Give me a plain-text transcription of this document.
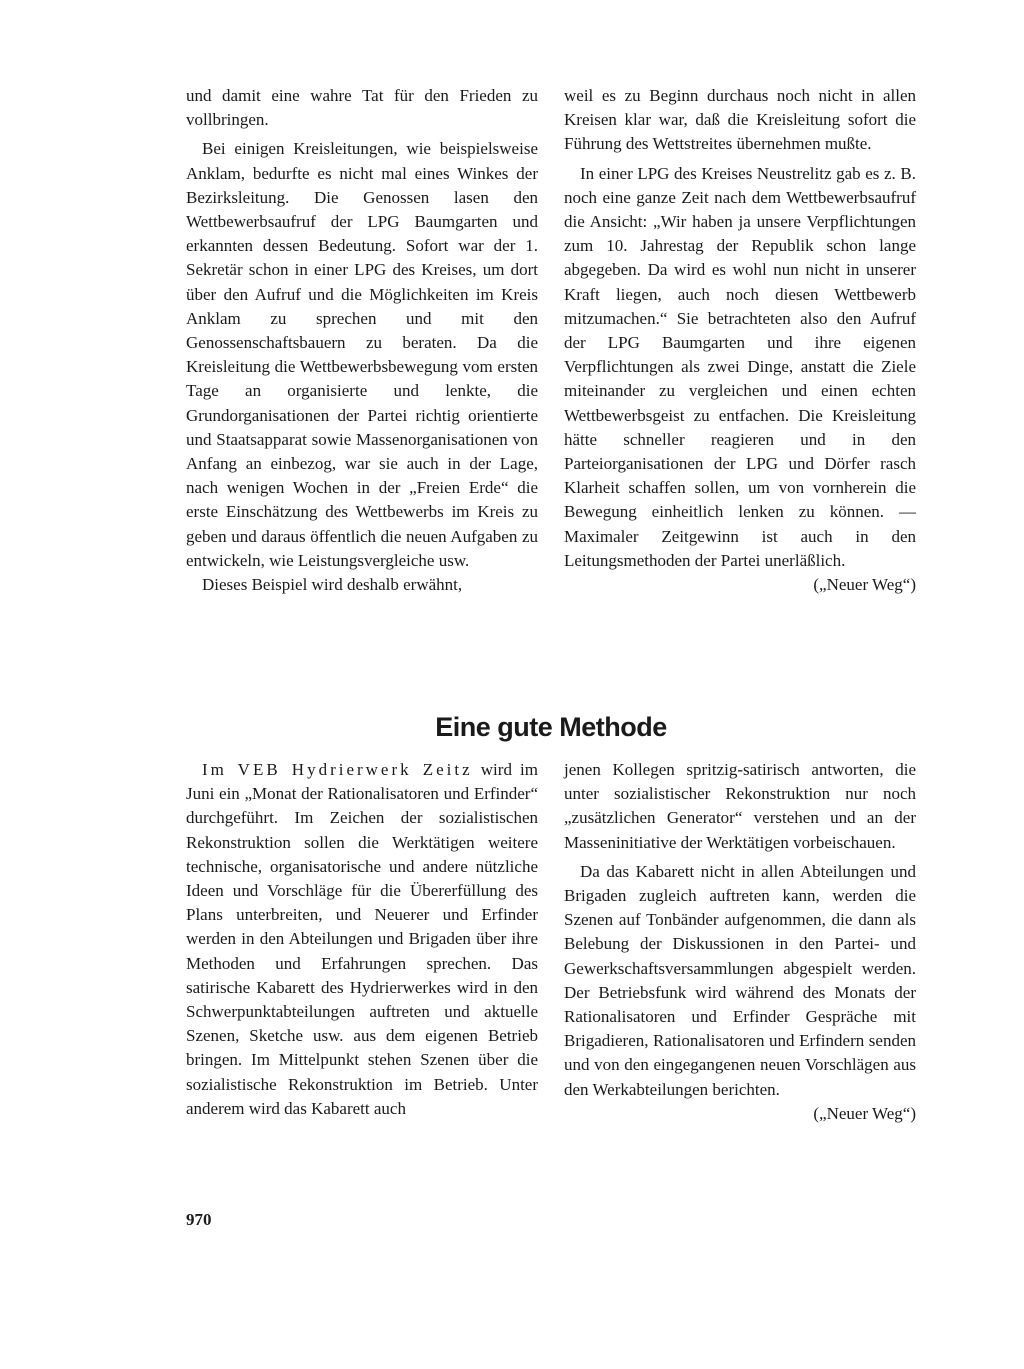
und damit eine wahre Tat für den Frieden zu vollbringen.

Bei einigen Kreisleitungen, wie beispielsweise Anklam, bedurfte es nicht mal eines Winkes der Bezirksleitung. Die Genossen lasen den Wettbewerbsaufruf der LPG Baumgarten und erkannten dessen Bedeutung. Sofort war der 1. Sekretär schon in einer LPG des Kreises, um dort über den Aufruf und die Möglichkeiten im Kreis Anklam zu sprechen und mit den Genossenschaftsbauern zu beraten. Da die Kreisleitung die Wettbewerbsbewegung vom ersten Tage an organisierte und lenkte, die Grundorganisationen der Partei richtig orientierte und Staatsapparat sowie Massenorganisationen von Anfang an einbezog, war sie auch in der Lage, nach wenigen Wochen in der „Freien Erde“ die erste Einschätzung des Wettbewerbs im Kreis zu geben und daraus öffentlich die neuen Aufgaben zu entwickeln, wie Leistungsvergleiche usw.

Dieses Beispiel wird deshalb erwähnt,

weil es zu Beginn durchaus noch nicht in allen Kreisen klar war, daß die Kreisleitung sofort die Führung des Wettstreites übernehmen mußte.

In einer LPG des Kreises Neustrelitz gab es z. B. noch eine ganze Zeit nach dem Wettbewerbsaufruf die Ansicht: „Wir haben ja unsere Verpflichtungen zum 10. Jahrestag der Republik schon lange abgegeben. Da wird es wohl nun nicht in unserer Kraft liegen, auch noch diesen Wettbewerb mitzumachen.“ Sie betrachteten also den Aufruf der LPG Baumgarten und ihre eigenen Verpflichtungen als zwei Dinge, anstatt die Ziele miteinander zu vergleichen und einen echten Wettbewerbsgeist zu entfachen. Die Kreisleitung hätte schneller reagieren und in den Parteiorganisationen der LPG und Dörfer rasch Klarheit schaffen sollen, um von vornherein die Bewegung einheitlich lenken zu können. — Maximaler Zeitgewinn ist auch in den Leitungsmethoden der Partei unerläßlich.

(„Neuer Weg“)

Eine gute Methode

Im VEB Hydrierwerk Zeitz wird im Juni ein „Monat der Rationalisatoren und Erfinder“ durchgeführt. Im Zeichen der sozialistischen Rekonstruktion sollen die Werktätigen weitere technische, organisatorische und andere nützliche Ideen und Vorschläge für die Übererfüllung des Plans unterbreiten, und Neuerer und Erfinder werden in den Abteilungen und Brigaden über ihre Methoden und Erfahrungen sprechen. Das satirische Kabarett des Hydrierwerkes wird in den Schwerpunktabteilungen auftreten und aktuelle Szenen, Sketche usw. aus dem eigenen Betrieb bringen. Im Mittelpunkt stehen Szenen über die sozialistische Rekonstruktion im Betrieb. Unter anderem wird das Kabarett auch

jenen Kollegen spritzig-satirisch antworten, die unter sozialistischer Rekonstruktion nur noch „zusätzlichen Generator“ verstehen und an der Masseninitiative der Werktätigen vorbeischauen.

Da das Kabarett nicht in allen Abteilungen und Brigaden zugleich auftreten kann, werden die Szenen auf Tonbänder aufgenommen, die dann als Belebung der Diskussionen in den Partei- und Gewerkschaftsversammlungen abgespielt werden. Der Betriebsfunk wird während des Monats der Rationalisatoren und Erfinder Gespräche mit Brigadieren, Rationalisatoren und Erfindern senden und von den eingegangenen neuen Vorschlägen aus den Werkabteilungen berichten.

(„Neuer Weg“)

970
